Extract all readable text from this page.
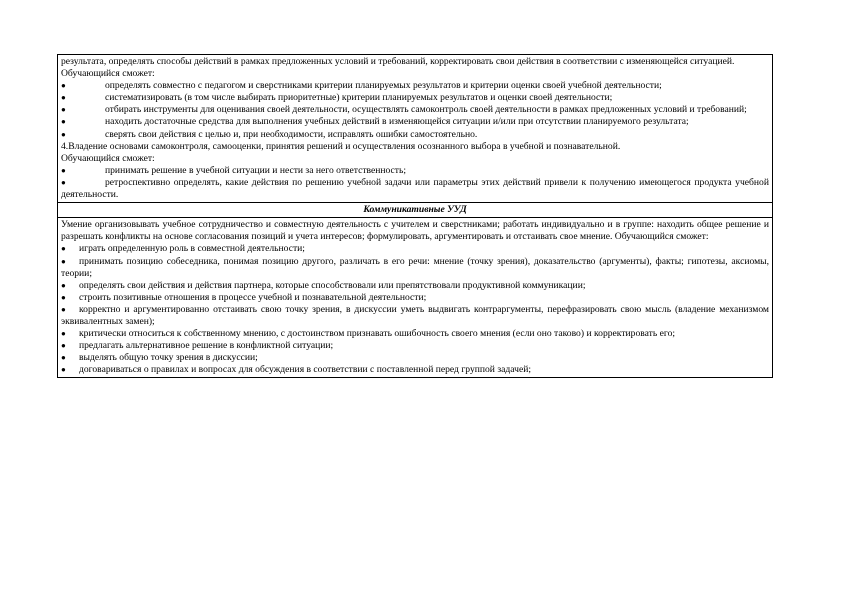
результата, определять способы действий в рамках предложенных условий и требований, корректировать свои действия в соответствии с изменяющейся ситуацией.

Обучающийся сможет:

●	определять совместно с педагогом и сверстниками критерии планируемых результатов и критерии оценки своей учебной деятельности;

●	систематизировать (в том числе выбирать приоритетные) критерии планируемых результатов и оценки своей деятельности;

●	отбирать инструменты для оценивания своей деятельности, осуществлять самоконтроль своей деятельности в рамках предложенных условий и требований;

●	находить достаточные средства для выполнения учебных действий в изменяющейся ситуации и/или при отсутствии планируемого результата;

●	сверять свои действия с целью и, при необходимости, исправлять ошибки самостоятельно.

4.Владение основами самоконтроля, самооценки, принятия решений и осуществления осознанного выбора в учебной и познавательной.

Обучающийся сможет:

●	принимать решение в учебной ситуации и нести за него ответственность;

●	ретроспективно определять, какие действия по решению учебной задачи или параметры этих действий привели к получению имеющегося продукта учебной деятельности.

Коммуникативные УУД

Умение организовывать учебное сотрудничество и совместную деятельность с учителем и сверстниками; работать индивидуально и в группе: находить общее решение и разрешать конфликты на основе согласования позиций и учета интересов; формулировать, аргументировать и отстаивать свое мнение. Обучающийся сможет:

● играть определенную роль в совместной деятельности;

● принимать позицию собеседника, понимая позицию другого, различать в его речи: мнение (точку зрения), доказательство (аргументы), факты; гипотезы, аксиомы, теории;

● определять свои действия и действия партнера, которые способствовали или препятствовали продуктивной коммуникации;

● строить позитивные отношения в процессе учебной и познавательной деятельности;

● корректно и аргументированно отстаивать свою точку зрения, в дискуссии уметь выдвигать контраргументы, перефразировать свою мысль (владение механизмом эквивалентных замен);

● критически относиться к собственному мнению, с достоинством признавать ошибочность своего мнения (если оно таково) и корректировать его;

● предлагать альтернативное решение в конфликтной ситуации;

● выделять общую точку зрения в дискуссии;

● договариваться о правилах и вопросах для обсуждения в соответствии с поставленной перед группой задачей;
